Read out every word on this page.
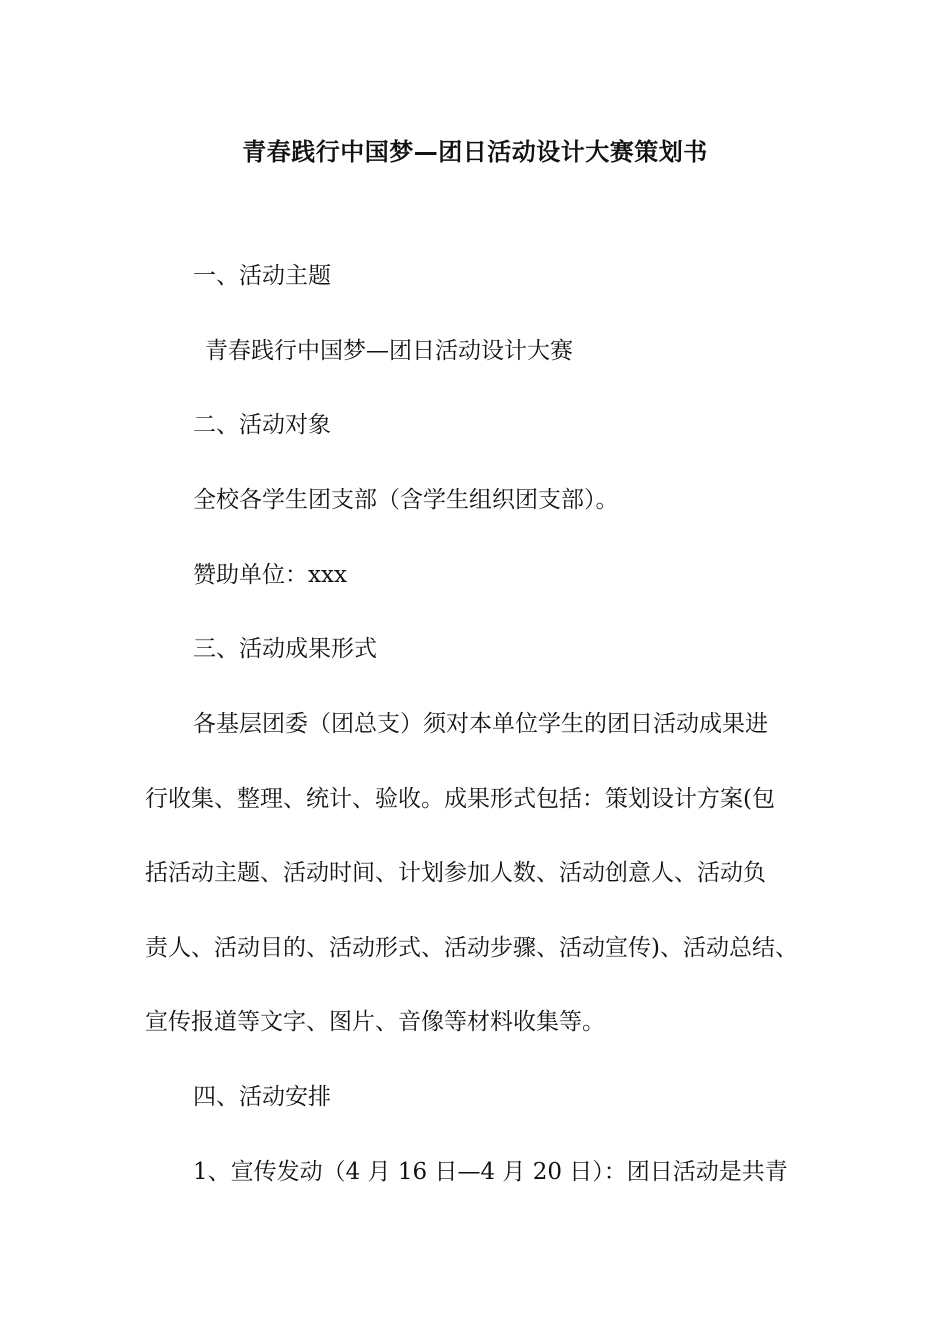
青春践行中国梦—团日活动设计大赛策划书
一、活动主题
青春践行中国梦—团日活动设计大赛
二、活动对象
全校各学生团支部（含学生组织团支部）。
赞助单位：xxx
三、活动成果形式
各基层团委（团总支）须对本单位学生的团日活动成果进
行收集、整理、统计、验收。成果形式包括：策划设计方案(包
括活动主题、活动时间、计划参加人数、活动创意人、活动负
责人、活动目的、活动形式、活动步骤、活动宣传)、活动总结、
宣传报道等文字、图片、音像等材料收集等。
四、活动安排
1、宣传发动（4 月 16 日—4 月 20 日）：团日活动是共青
